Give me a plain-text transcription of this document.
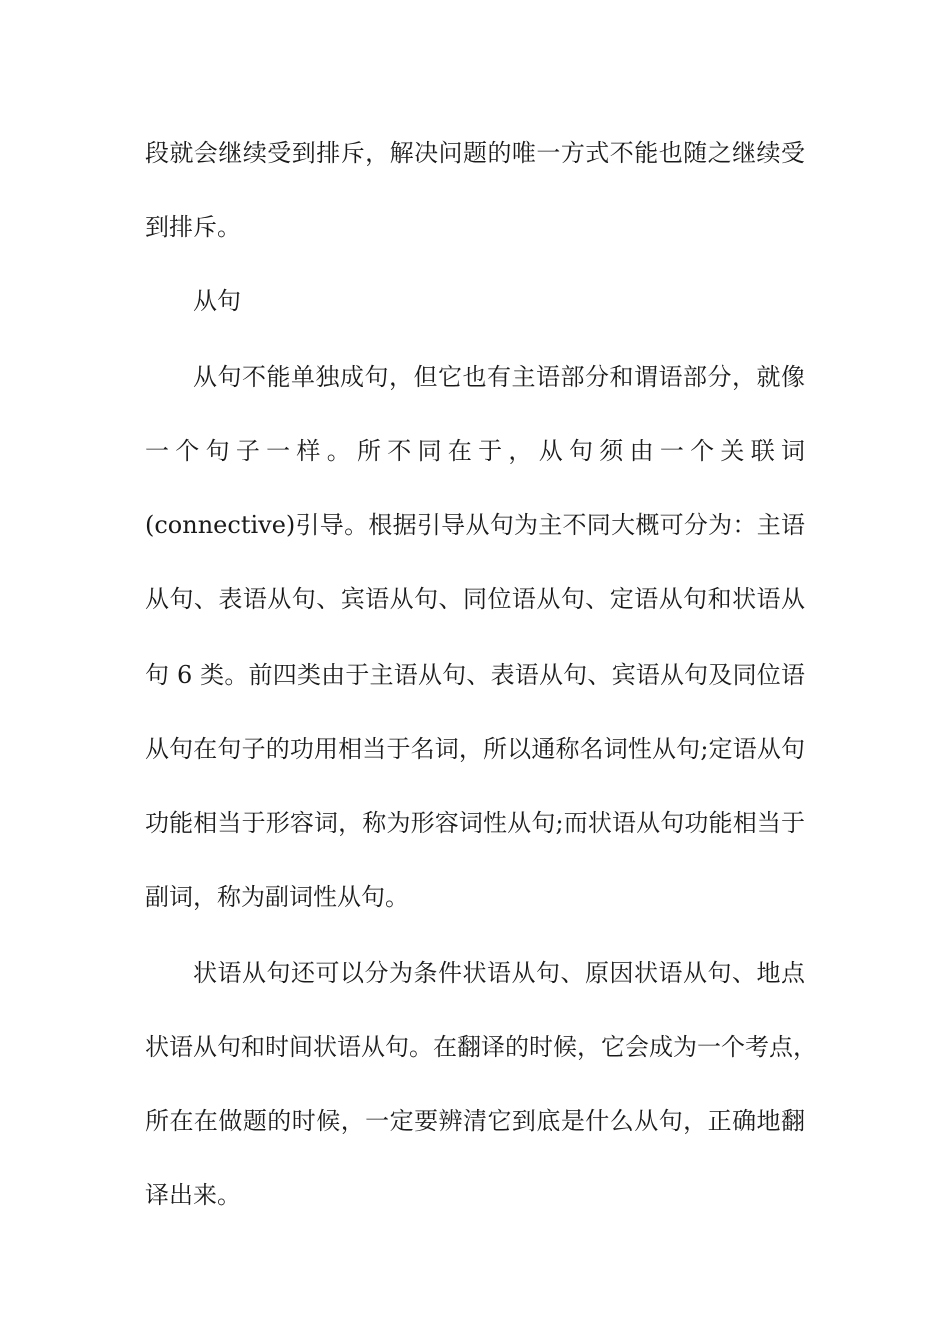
段就会继续受到排斥，解决问题的唯一方式不能也随之继续受

到排斥。

从句

从句不能单独成句，但它也有主语部分和谓语部分，就像

一个句子一样。所不同在于，从句须由一个关联词

(connective)引导。根据引导从句为主不同大概可分为：主语

从句、表语从句、宾语从句、同位语从句、定语从句和状语从

句 6 类。前四类由于主语从句、表语从句、宾语从句及同位语

从句在句子的功用相当于名词，所以通称名词性从句;定语从句

功能相当于形容词，称为形容词性从句;而状语从句功能相当于

副词，称为副词性从句。

状语从句还可以分为条件状语从句、原因状语从句、地点

状语从句和时间状语从句。在翻译的时候，它会成为一个考点，

所在在做题的时候，一定要辨清它到底是什么从句，正确地翻

译出来。
